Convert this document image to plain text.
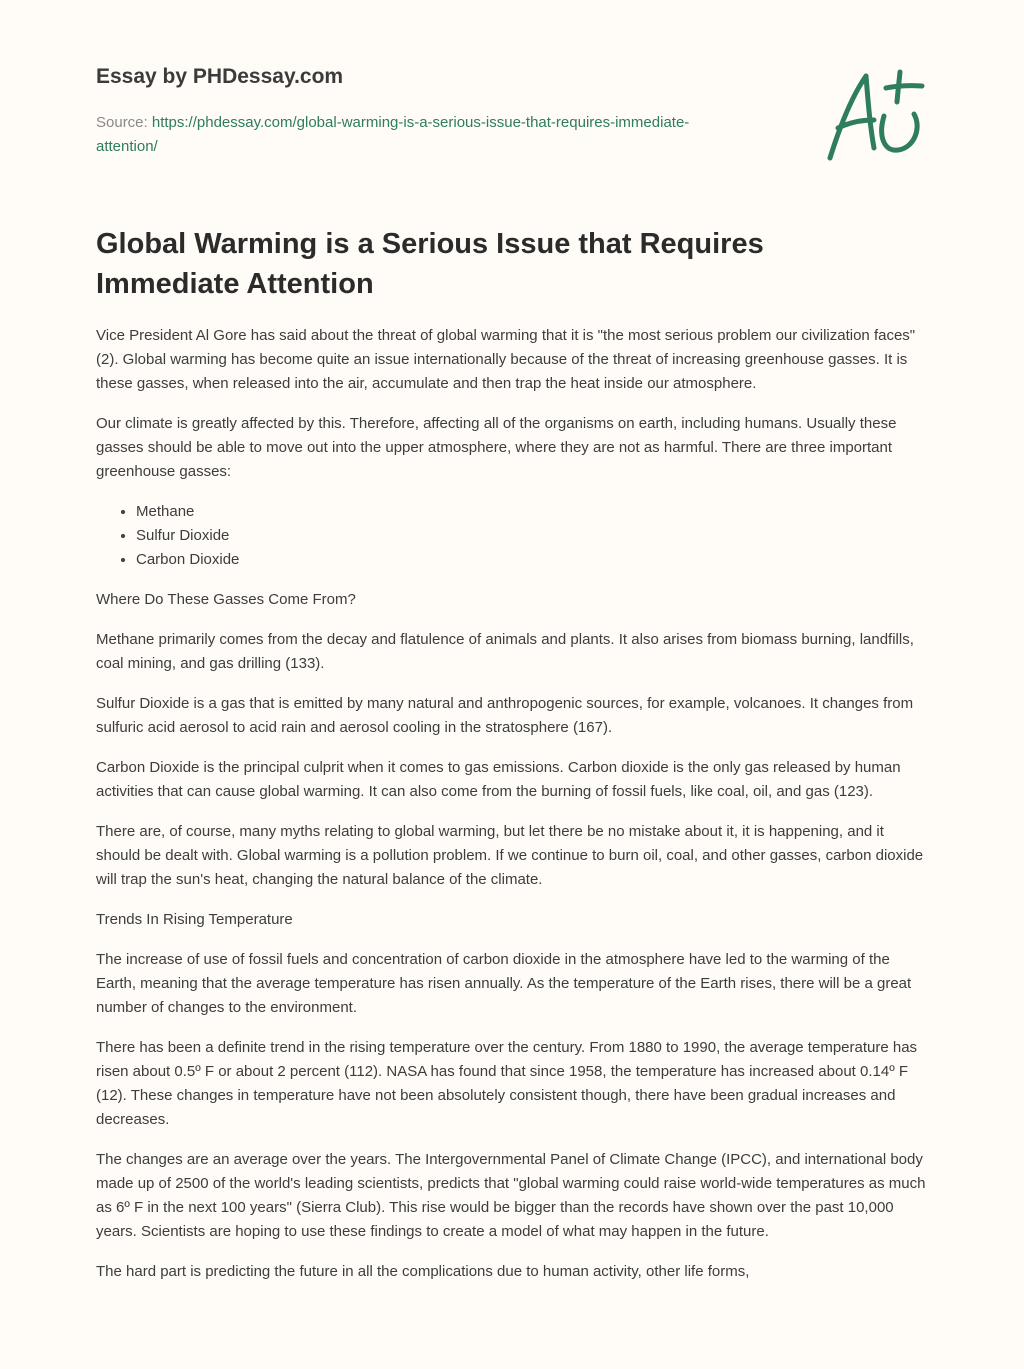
Essay by PHDessay.com
Source: https://phdessay.com/global-warming-is-a-serious-issue-that-requires-immediate-attention/
Global Warming is a Serious Issue that Requires Immediate Attention

Vice President Al Gore has said about the threat of global warming that it is "the most serious problem our civilization faces" (2). Global warming has become quite an issue internationally because of the threat of increasing greenhouse gasses. It is these gasses, when released into the air, accumulate and then trap the heat inside our atmosphere.

Our climate is greatly affected by this. Therefore, affecting all of the organisms on earth, including humans. Usually these gasses should be able to move out into the upper atmosphere, where they are not as harmful. There are three important greenhouse gasses:

• Methane
• Sulfur Dioxide
• Carbon Dioxide

Where Do These Gasses Come From?

Methane primarily comes from the decay and flatulence of animals and plants. It also arises from biomass burning, landfills, coal mining, and gas drilling (133).

Sulfur Dioxide is a gas that is emitted by many natural and anthropogenic sources, for example, volcanoes. It changes from sulfuric acid aerosol to acid rain and aerosol cooling in the stratosphere (167).

Carbon Dioxide is the principal culprit when it comes to gas emissions. Carbon dioxide is the only gas released by human activities that can cause global warming. It can also come from the burning of fossil fuels, like coal, oil, and gas (123).

There are, of course, many myths relating to global warming, but let there be no mistake about it, it is happening, and it should be dealt with. Global warming is a pollution problem. If we continue to burn oil, coal, and other gasses, carbon dioxide will trap the sun's heat, changing the natural balance of the climate.

Trends In Rising Temperature

The increase of use of fossil fuels and concentration of carbon dioxide in the atmosphere have led to the warming of the Earth, meaning that the average temperature has risen annually. As the temperature of the Earth rises, there will be a great number of changes to the environment.

There has been a definite trend in the rising temperature over the century. From 1880 to 1990, the average temperature has risen about 0.5º F or about 2 percent (112). NASA has found that since 1958, the temperature has increased about 0.14º F (12). These changes in temperature have not been absolutely consistent though, there have been gradual increases and decreases.

The changes are an average over the years. The Intergovernmental Panel of Climate Change (IPCC), and international body made up of 2500 of the world's leading scientists, predicts that "global warming could raise world-wide temperatures as much as 6º F in the next 100 years" (Sierra Club). This rise would be bigger than the records have shown over the past 10,000 years. Scientists are hoping to use these findings to create a model of what may happen in the future.

The hard part is predicting the future in all the complications due to human activity, other life forms,
